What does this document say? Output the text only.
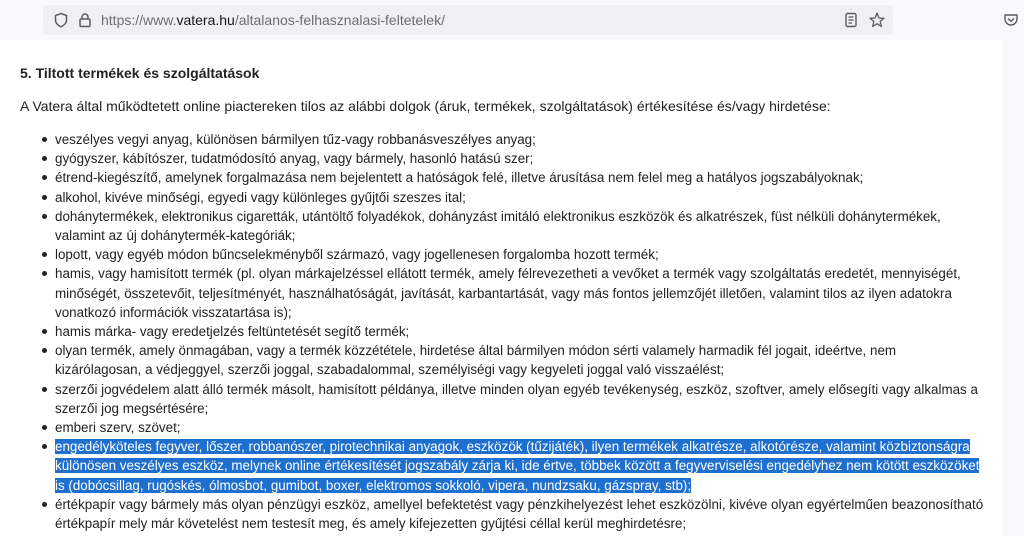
https://www.vatera.hu/altalanos-felhasznalasi-feltetelek/
5. Tiltott termékek és szolgáltatások

A Vatera által működtetett online piactereken tilos az alábbi dolgok (áruk, termékek, szolgáltatások) értékesítése és/vagy hirdetése:

veszélyes vegyi anyag, különösen bármilyen tűz-vagy robbanásveszélyes anyag;
gyógyszer, kábítószer, tudatmódosító anyag, vagy bármely, hasonló hatású szer;
étrend-kiegészítő, amelynek forgalmazása nem bejelentett a hatóságok felé, illetve árusítása nem felel meg a hatályos jogszabályoknak;
alkohol, kivéve minőségi, egyedi vagy különleges gyűjtői szeszes ital;
dohánytermékek, elektronikus cigaretták, utántöltő folyadékok, dohányzást imitáló elektronikus eszközök és alkatrészek, füst nélküli dohánytermékek, valamint az új dohánytermék-kategóriák;
lopott, vagy egyéb módon bűncselekményből származó, vagy jogellenesen forgalomba hozott termék;
hamis, vagy hamisított termék (pl. olyan márkajelzéssel ellátott termék, amely félrevezetheti a vevőket a termék vagy szolgáltatás eredetét, mennyiségét, minőségét, összetevőit, teljesítményét, használhatóságát, javítását, karbantartását, vagy más fontos jellemzőjét illetően, valamint tilos az ilyen adatokra vonatkozó információk visszatartása is);
hamis márka- vagy eredetjelzés feltüntetését segítő termék;
olyan termék, amely önmagában, vagy a termék közzététele, hirdetése által bármilyen módon sérti valamely harmadik fél jogait, ideértve, nem kizárólagosan, a védjeggyel, szerzői joggal, szabadalommal, személyiségi vagy kegyeleti joggal való visszaélést;
szerzői jogvédelem alatt álló termék másolt, hamisított példánya, illetve minden olyan egyéb tevékenység, eszköz, szoftver, amely elősegíti vagy alkalmas a szerzői jog megsértésére;
emberi szerv, szövet;
engedélyköteles fegyver, lőszer, robbanószer, pirotechnikai anyagok, eszközök (tűzijáték), ilyen termékek alkatrésze, alkotórésze, valamint közbiztonságra különösen veszélyes eszköz, melynek online értékesítését jogszabály zárja ki, ide értve, többek között a fegyverviselési engedélyhez nem kötött eszközöket is (dobócsillag, rugóskés, ólmosbot, gumibot, boxer, elektromos sokkoló, vipera, nundzsaku, gázspray, stb);
értékpapír vagy bármely más olyan pénzügyi eszköz, amellyel befektetést vagy pénzkihelyezést lehet eszközölni, kivéve olyan egyértelműen beazonosítható értékpapír mely már követelést nem testesít meg, és amely kifejezetten gyűjtési céllal kerül meghirdetésre;
